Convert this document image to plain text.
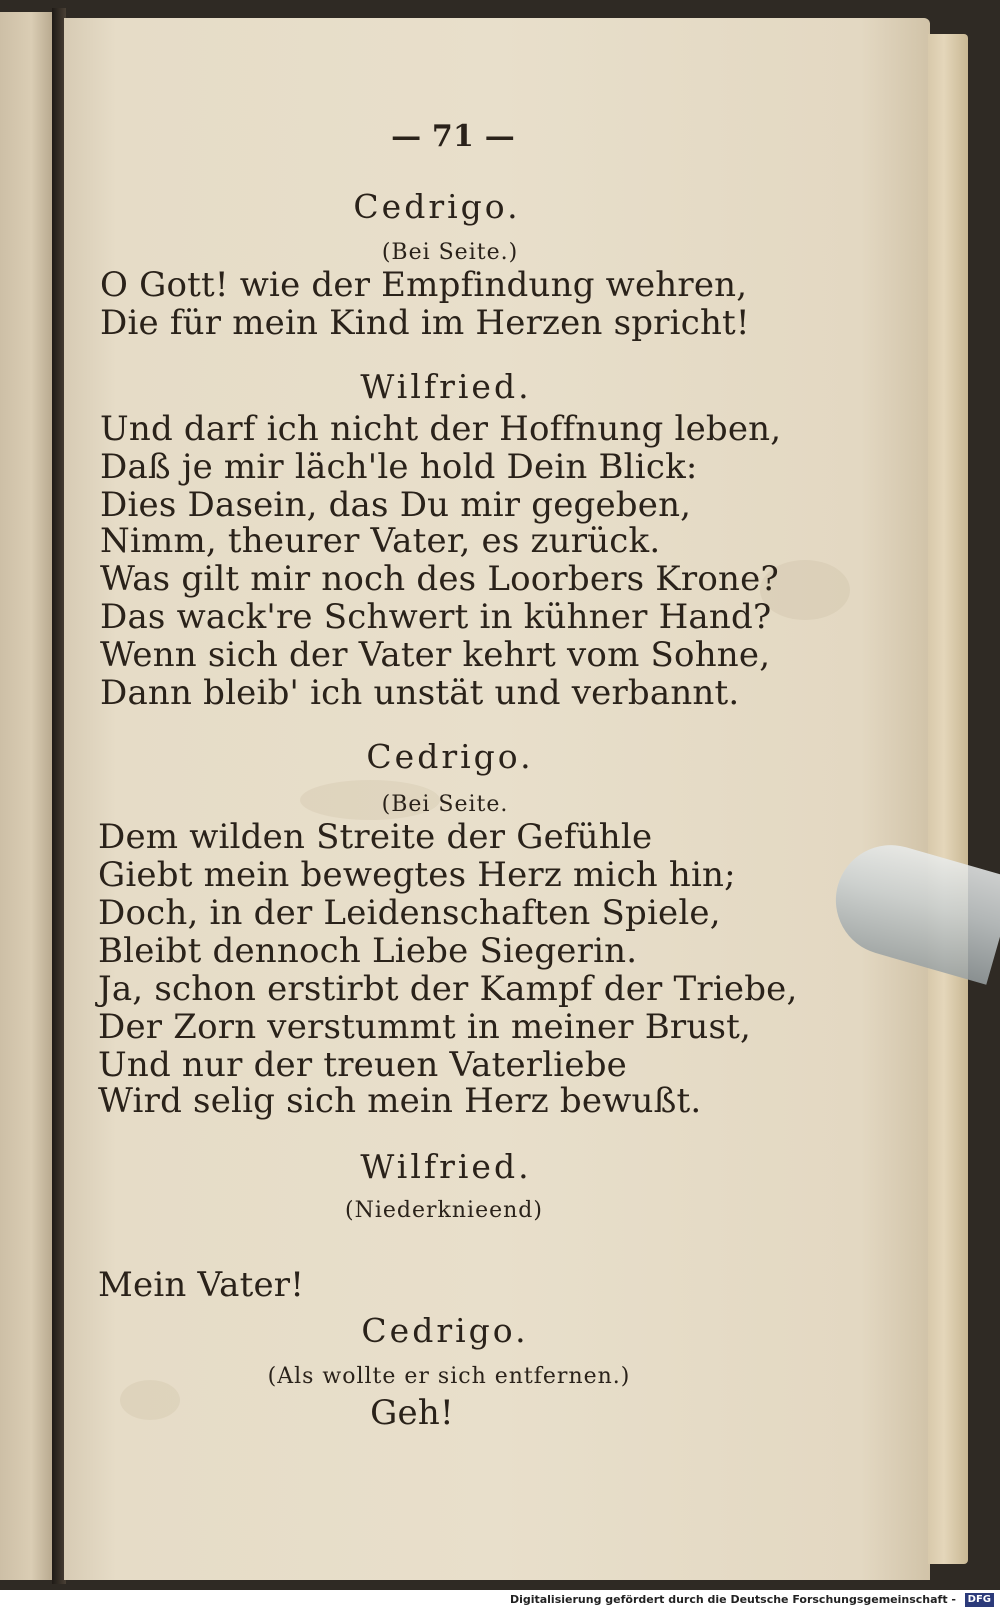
— 71 —
Cedrigo.
(Bei Seite.)
O Gott! wie der Empfindung wehren,
Die für mein Kind im Herzen spricht!
Wilfried.
Und darf ich nicht der Hoffnung leben,
Daß je mir läch'le hold Dein Blick:
Dies Dasein, das Du mir gegeben,
Nimm, theurer Vater, es zurück.
Was gilt mir noch des Loorbers Krone?
Das wack're Schwert in kühner Hand?
Wenn sich der Vater kehrt vom Sohne,
Dann bleib' ich unstät und verbannt.
Cedrigo.
(Bei Seite.
Dem wilden Streite der Gefühle
Giebt mein bewegtes Herz mich hin;
Doch, in der Leidenschaften Spiele,
Bleibt dennoch Liebe Siegerin.
Ja, schon erstirbt der Kampf der Triebe,
Der Zorn verstummt in meiner Brust,
Und nur der treuen Vaterliebe
Wird selig sich mein Herz bewußt.
Wilfried.
(Niederknieend)
Mein Vater!
Cedrigo.
(Als wollte er sich entfernen.)
Geh!
Digitalisierung gefördert durch die Deutsche Forschungsgemeinschaft -	DFG
